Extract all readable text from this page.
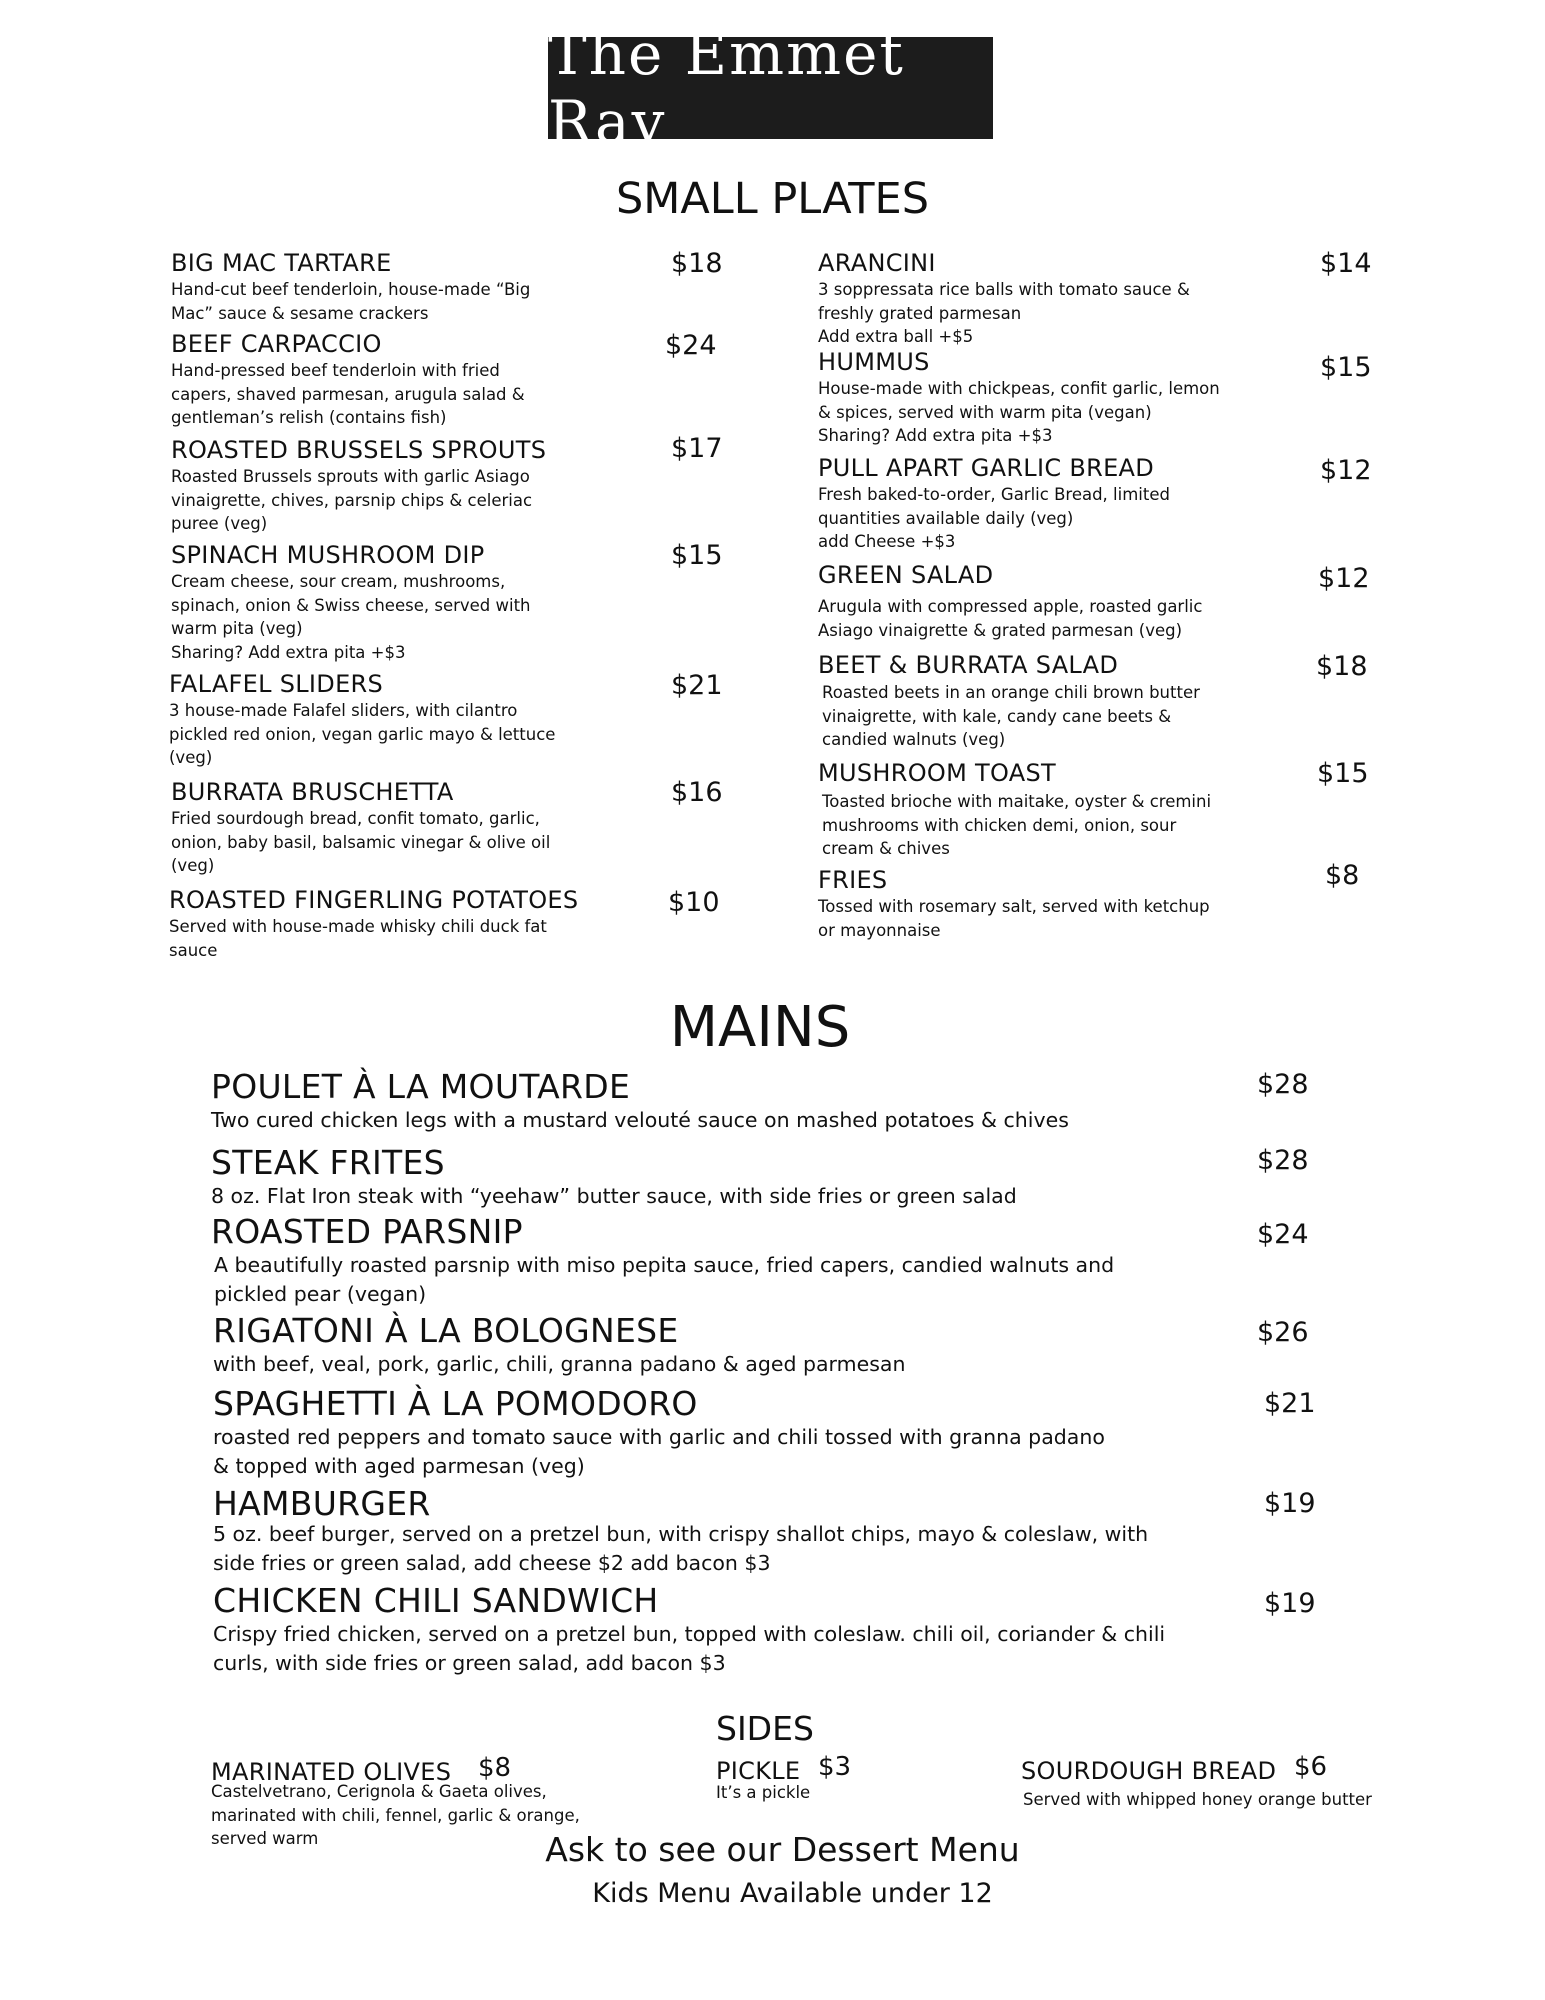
The Emmet Ray
SMALL PLATES
BIG MAC TARTARE
Hand-cut beef tenderloin, house-made “Big Mac” sauce & sesame crackers
$18
BEEF CARPACCIO
Hand-pressed beef tenderloin with fried capers, shaved parmesan, arugula salad & gentleman’s relish (contains fish)
$24
ROASTED BRUSSELS SPROUTS
Roasted Brussels sprouts with garlic Asiago vinaigrette, chives, parsnip chips & celeriac puree (veg)
$17
SPINACH MUSHROOM DIP
Cream cheese, sour cream, mushrooms, spinach, onion & Swiss cheese, served with warm pita (veg)
Sharing? Add extra pita +$3
$15
FALAFEL SLIDERS
3 house-made Falafel sliders, with cilantro pickled red onion, vegan garlic mayo & lettuce (veg)
$21
BURRATA BRUSCHETTA
Fried sourdough bread, confit tomato, garlic, onion, baby basil, balsamic vinegar & olive oil (veg)
$16
ROASTED FINGERLING POTATOES
Served with house-made whisky chili duck fat sauce
$10
ARANCINI
3 soppressata rice balls with tomato sauce & freshly grated parmesan
Add extra ball +$5
$14
HUMMUS
House-made with chickpeas, confit garlic, lemon & spices, served with warm pita (vegan)
Sharing? Add extra pita +$3
$15
PULL APART GARLIC BREAD
Fresh baked-to-order, Garlic Bread, limited quantities available daily (veg)
add Cheese +$3
$12
GREEN SALAD
Arugula with compressed apple, roasted garlic Asiago vinaigrette & grated parmesan (veg)
$12
BEET & BURRATA SALAD
Roasted beets in an orange chili brown butter vinaigrette, with kale, candy cane beets & candied walnuts (veg)
$18
MUSHROOM TOAST
Toasted brioche with maitake, oyster & cremini mushrooms with chicken demi, onion, sour cream & chives
$15
FRIES
Tossed with rosemary salt, served with ketchup or mayonnaise
$8
MAINS
POULET À LA MOUTARDE
Two cured chicken legs with a mustard velouté sauce on mashed potatoes & chives
$28
STEAK FRITES
8 oz. Flat Iron steak with “yeehaw” butter sauce, with side fries or green salad
$28
ROASTED PARSNIP
A beautifully roasted parsnip with miso pepita sauce, fried capers, candied walnuts and pickled pear (vegan)
$24
RIGATONI À LA BOLOGNESE
with beef, veal, pork, garlic, chili, granna padano & aged parmesan
$26
SPAGHETTI À LA POMODORO
roasted red peppers and tomato sauce with garlic and chili tossed with granna padano & topped with aged parmesan (veg)
$21
HAMBURGER
5 oz. beef burger, served on a pretzel bun, with crispy shallot chips, mayo & coleslaw, with side fries or green salad, add cheese $2 add bacon $3
$19
CHICKEN CHILI SANDWICH
Crispy fried chicken, served on a pretzel bun, topped with coleslaw. chili oil, coriander & chili curls, with side fries or green salad, add bacon $3
$19
SIDES
MARINATED OLIVES
Castelvetrano, Cerignola & Gaeta olives, marinated with chili, fennel, garlic & orange, served warm
$8	PICKLE
It’s a pickle
$3	SOURDOUGH BREAD
Served with whipped honey orange butter
$6
Ask to see our Dessert Menu
Kids Menu Available under 12
